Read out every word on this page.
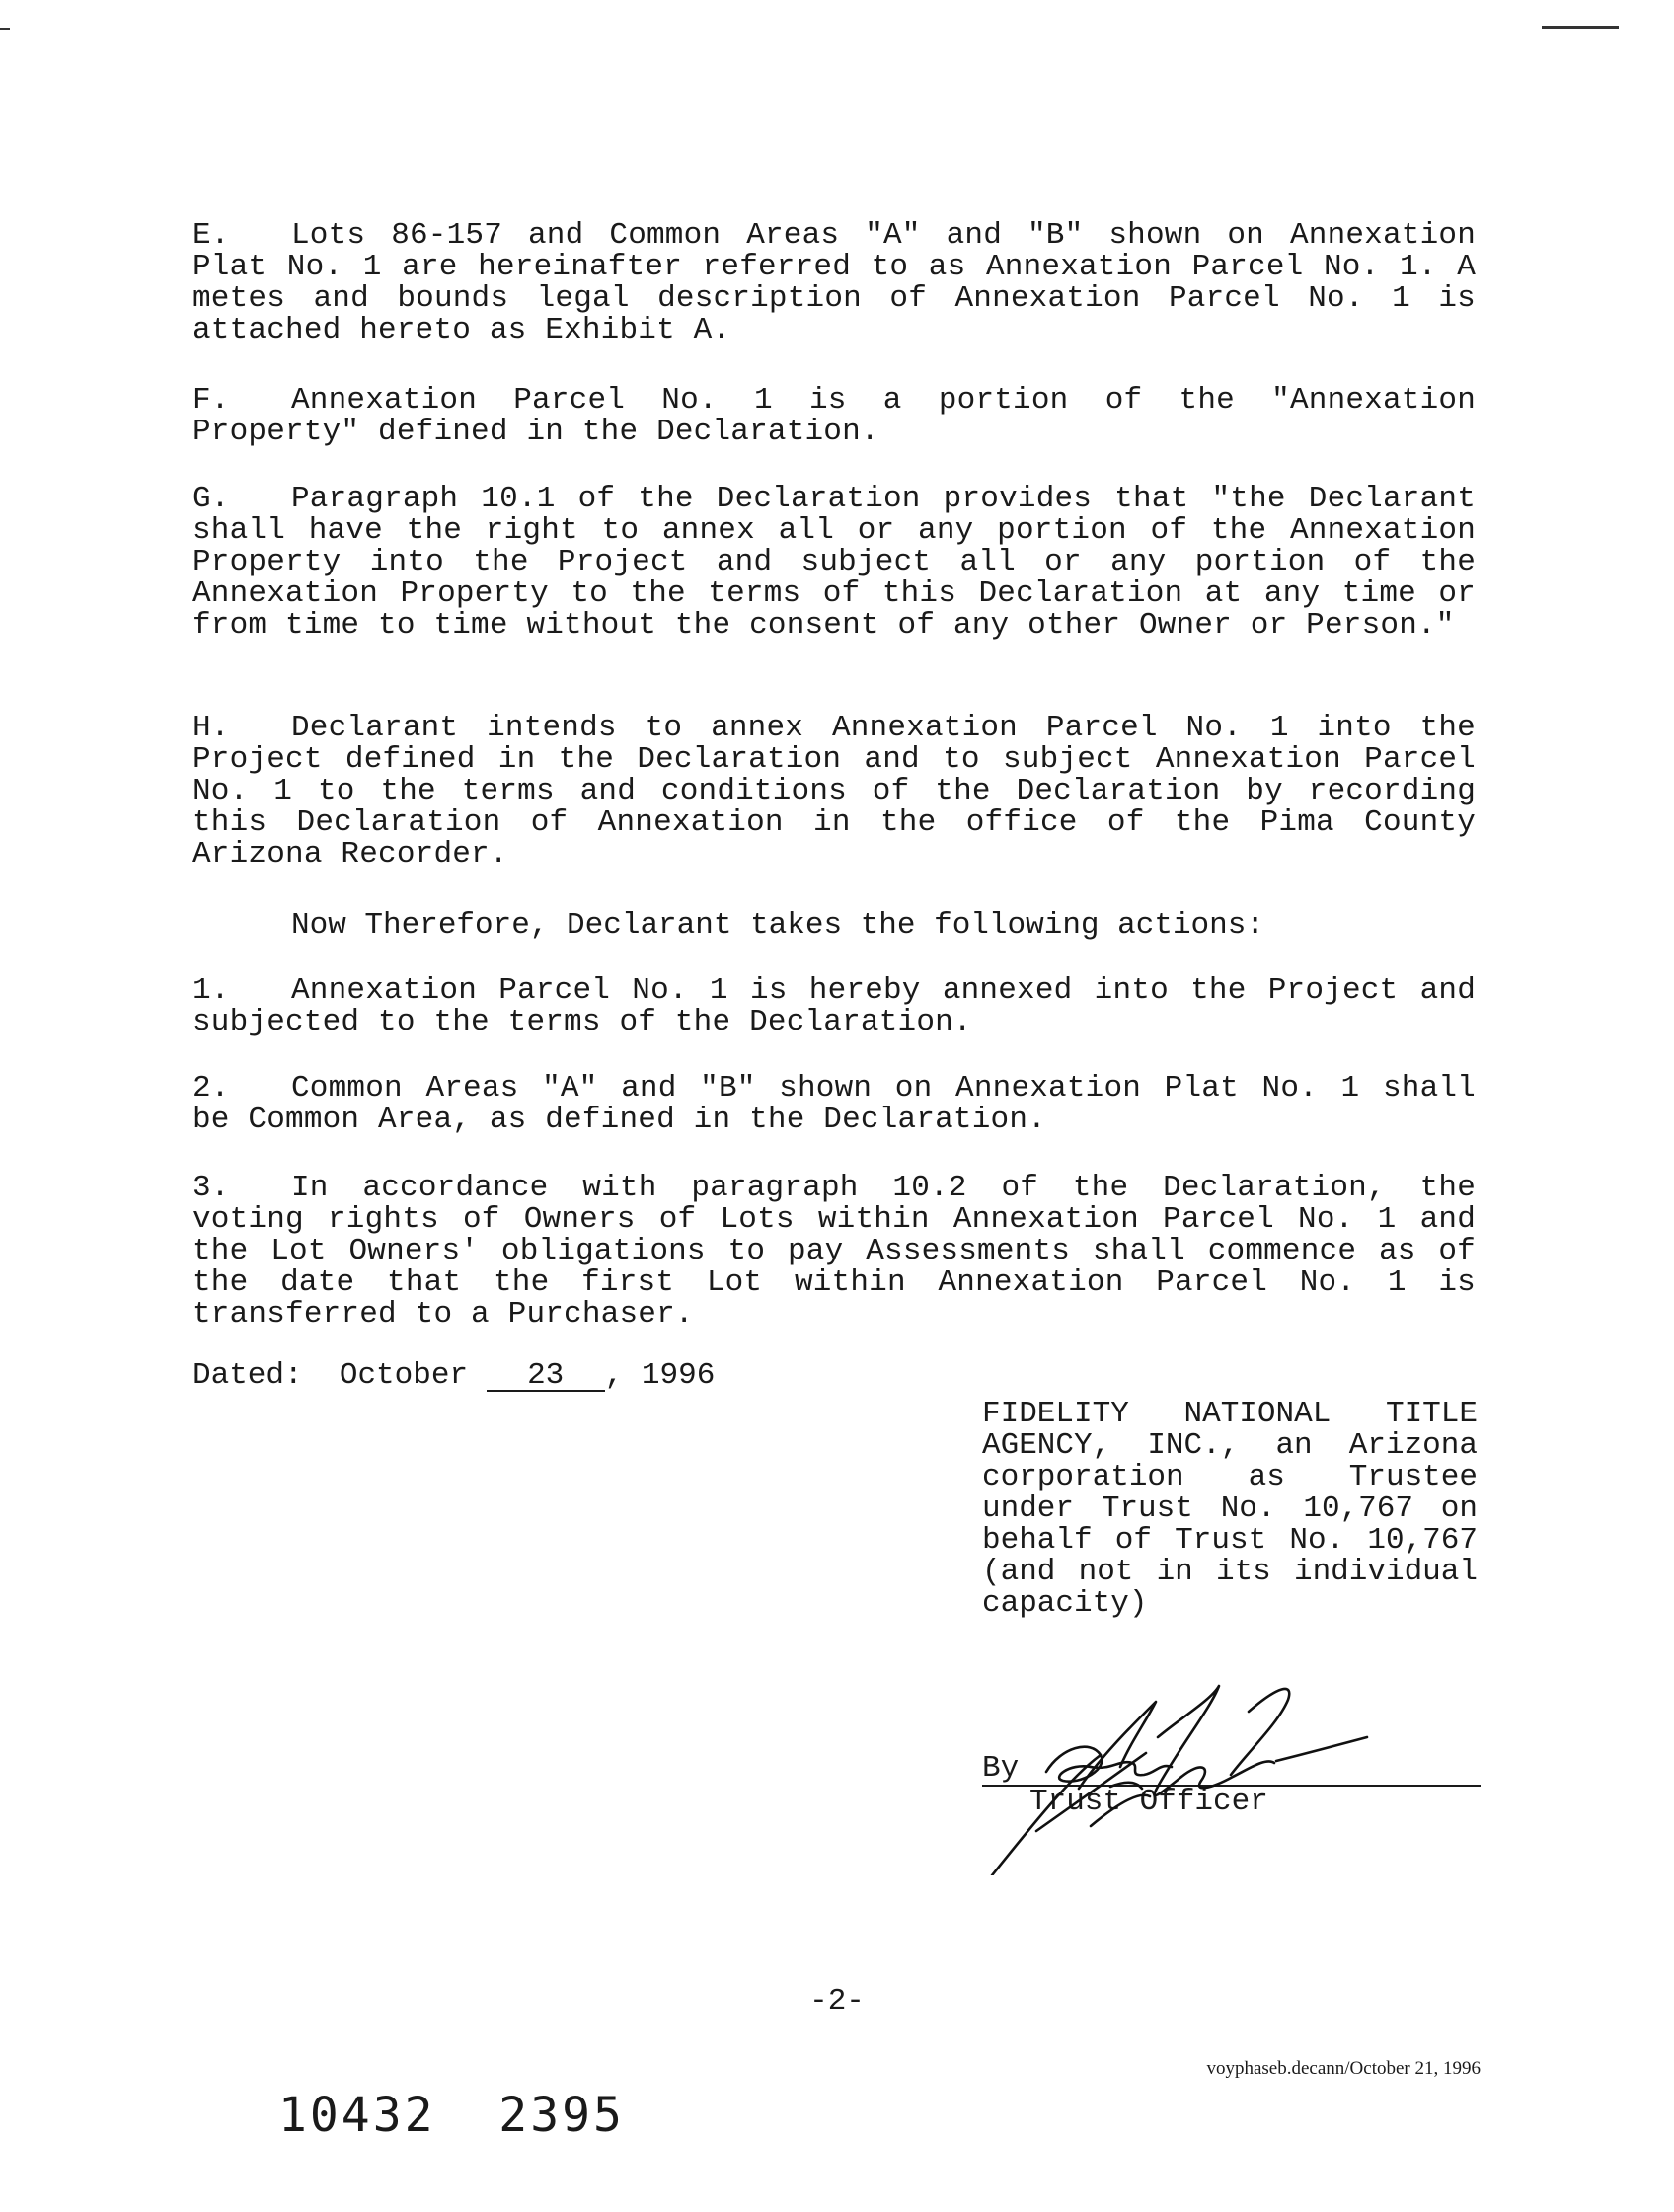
E. Lots 86-157 and Common Areas "A" and "B" shown on Annexation Plat No. 1 are hereinafter referred to as Annexation Parcel No. 1. A metes and bounds legal description of Annexation Parcel No. 1 is attached hereto as Exhibit A.

F. Annexation Parcel No. 1 is a portion of the "Annexation Property" defined in the Declaration.

G. Paragraph 10.1 of the Declaration provides that "the Declarant shall have the right to annex all or any portion of the Annexation Property into the Project and subject all or any portion of the Annexation Property to the terms of this Declaration at any time or from time to time without the consent of any other Owner or Person."

H. Declarant intends to annex Annexation Parcel No. 1 into the Project defined in the Declaration and to subject Annexation Parcel No. 1 to the terms and conditions of the Declaration by recording this Declaration of Annexation in the office of the Pima County Arizona Recorder.

Now Therefore, Declarant takes the following actions:

1. Annexation Parcel No. 1 is hereby annexed into the Project and subjected to the terms of the Declaration.

2. Common Areas "A" and "B" shown on Annexation Plat No. 1 shall be Common Area, as defined in the Declaration.

3. In accordance with paragraph 10.2 of the Declaration, the voting rights of Owners of Lots within Annexation Parcel No. 1 and the Lot Owners' obligations to pay Assessments shall commence as of the date that the first Lot within Annexation Parcel No. 1 is transferred to a Purchaser.

Dated: October 23 , 1996

FIDELITY NATIONAL TITLE AGENCY, INC., an Arizona corporation as Trustee under Trust No. 10,767 on behalf of Trust No. 10,767 (and not in its individual capacity)

By
Trust Officer
-2-
voyphaseb.decann/October 21, 1996
10432 2395
